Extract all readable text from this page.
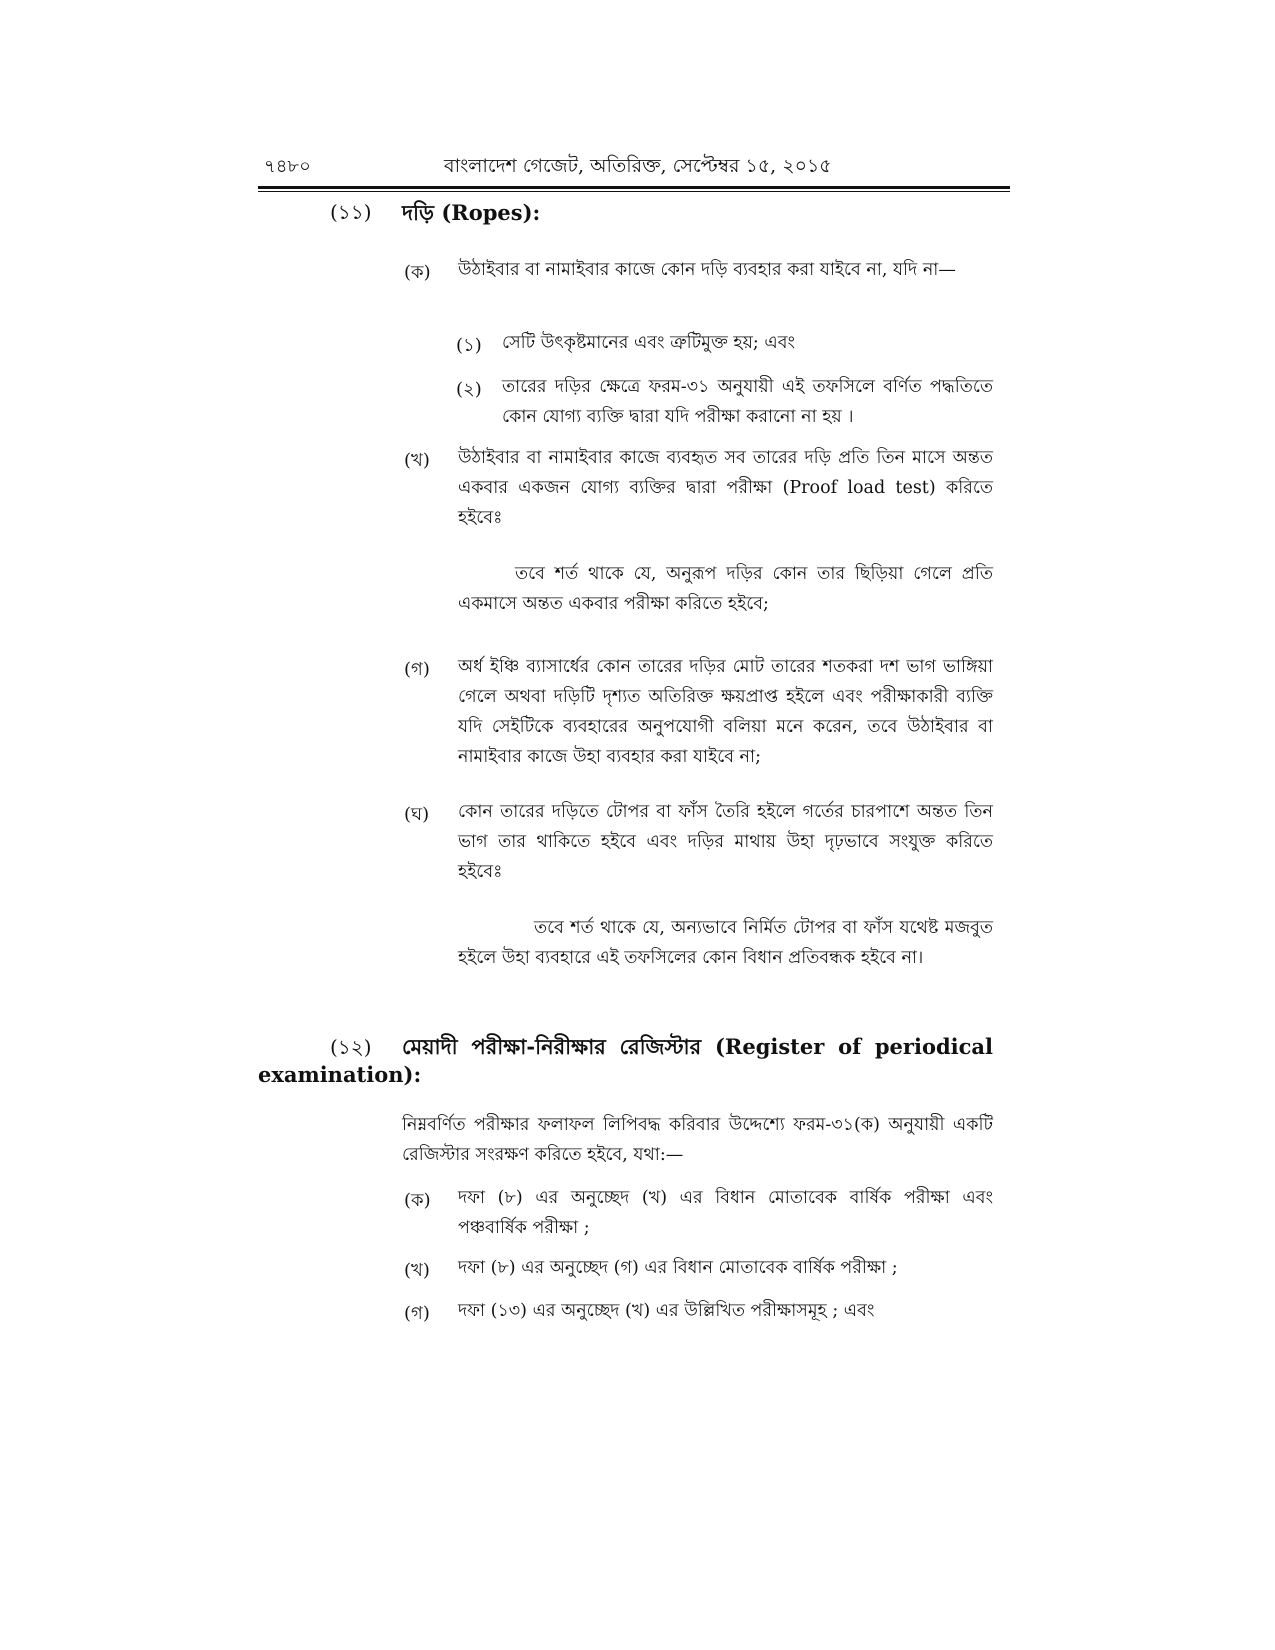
৭৪৮০	বাংলাদেশ গেজেট, অতিরিক্ত, সেপ্টেম্বর ১৫, ২০১৫
(১১) দড়ি (Ropes):
(ক) উঠাইবার বা নামাইবার কাজে কোন দড়ি ব্যবহার করা যাইবে না, যদি না—
(১) সেটি উৎকৃষ্টমানের এবং ত্রুটিমুক্ত হয়; এবং
(২) তারের দড়ির ক্ষেত্রে ফরম-৩১ অনুযায়ী এই তফসিলে বর্ণিত পদ্ধতিতে কোন যোগ্য ব্যক্তি দ্বারা যদি পরীক্ষা করানো না হয় ।
(খ) উঠাইবার বা নামাইবার কাজে ব্যবহৃত সব তারের দড়ি প্রতি তিন মাসে অন্তত একবার একজন যোগ্য ব্যক্তির দ্বারা পরীক্ষা (Proof load test) করিতে হইবেঃ
তবে শর্ত থাকে যে, অনুরূপ দড়ির কোন তার ছিড়িয়া গেলে প্রতি একমাসে অন্তত একবার পরীক্ষা করিতে হইবে;
(গ) অর্ধ ইঞ্চি ব্যাসার্ধের কোন তারের দড়ির মোট তারের শতকরা দশ ভাগ ভাঙ্গিয়া গেলে অথবা দড়িটি দৃশ্যত অতিরিক্ত ক্ষয়প্রাপ্ত হইলে এবং পরীক্ষাকারী ব্যক্তি যদি সেইটিকে ব্যবহারের অনুপযোগী বলিয়া মনে করেন, তবে উঠাইবার বা নামাইবার কাজে উহা ব্যবহার করা যাইবে না;
(ঘ) কোন তারের দড়িতে টোপর বা ফাঁস তৈরি হইলে গর্তের চারপাশে অন্তত তিন ভাগ তার থাকিতে হইবে এবং দড়ির মাথায় উহা দৃঢ়ভাবে সংযুক্ত করিতে হইবেঃ
তবে শর্ত থাকে যে, অন্যভাবে নির্মিত টোপর বা ফাঁস যথেষ্ট মজবুত হইলে উহা ব্যবহারে এই তফসিলের কোন বিধান প্রতিবন্ধক হইবে না।
(১২) মেয়াদী পরীক্ষা-নিরীক্ষার রেজিস্টার (Register of periodical
examination):
নিম্নবর্ণিত পরীক্ষার ফলাফল লিপিবদ্ধ করিবার উদ্দেশ্যে ফরম-৩১(ক) অনুযায়ী একটি রেজিস্টার সংরক্ষণ করিতে হইবে, যথা:—
(ক) দফা (৮) এর অনুচ্ছেদ (খ) এর বিধান মোতাবেক বার্ষিক পরীক্ষা এবং পঞ্চবার্ষিক পরীক্ষা ;
(খ) দফা (৮) এর অনুচ্ছেদ (গ) এর বিধান মোতাবেক বার্ষিক পরীক্ষা ;
(গ) দফা (১৩) এর অনুচ্ছেদ (খ) এর উল্লিখিত পরীক্ষাসমূহ ; এবং
